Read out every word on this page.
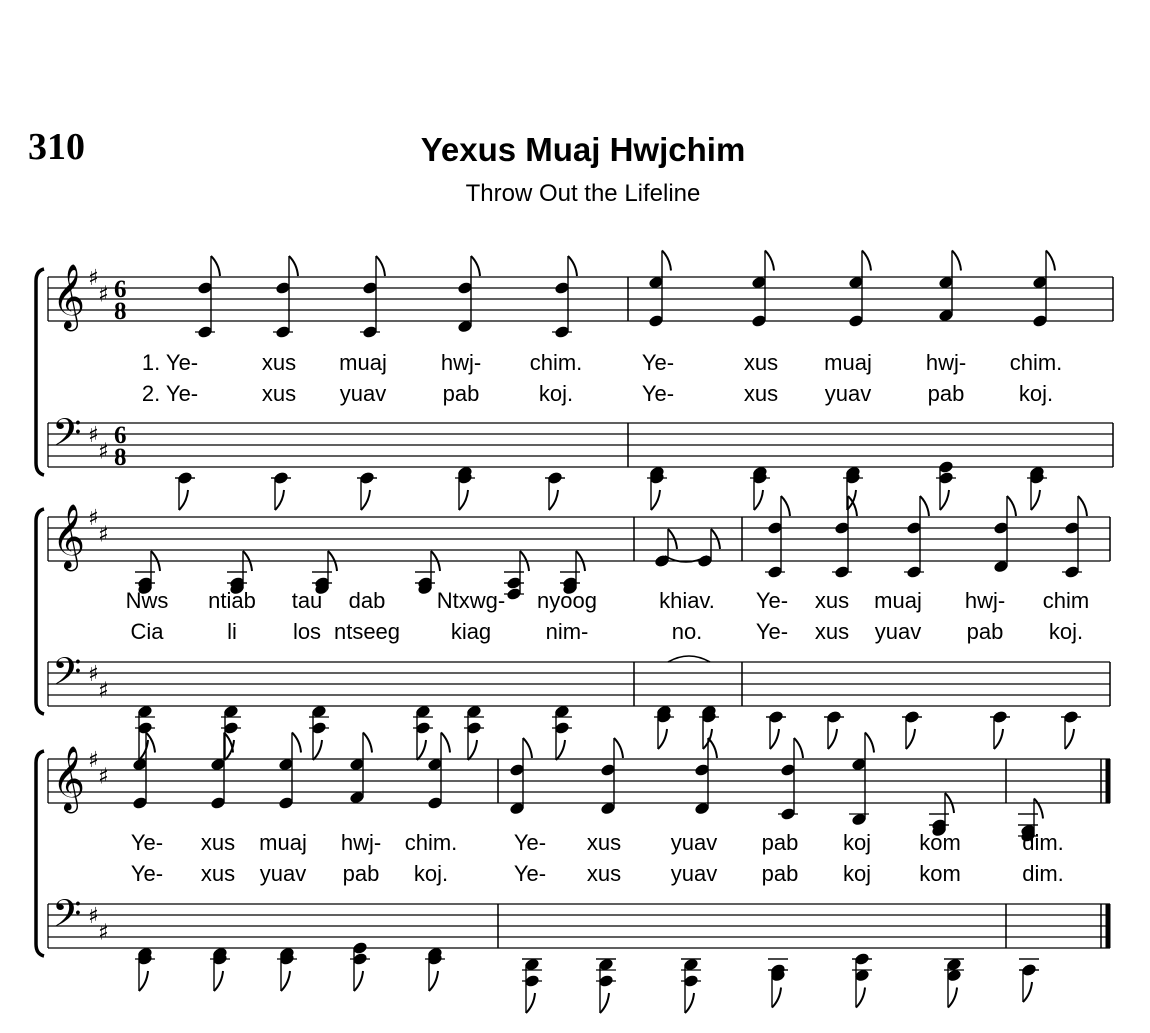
310	Yexus Muaj Hwjchim
Throw Out the Lifeline
𝄞
𝄢
♯
♯
♯
♯
6
8
6
8
1. Ye-	xus muaj hwj- chim.	Ye-	xus muaj hwj- chim.
2. Ye-	xus yuav	pab	koj.	Ye-	xus yuav	pab koj.
𝄞
𝄢
♯
♯
♯
♯
Nws ntiab tau dab Ntxwg- nyoog	khiav. Ye- xus muaj hwj- chim
Cia	li	los ntseeg kiag nim-	no. Ye- xus yuav pab koj.
𝄞
𝄢
♯
♯
♯
♯
Ye- xus muaj hwj- chim.	Ye- xus yuav pab koj kom	dim.
Ye- xus yuav pab koj.	Ye- xus yuav pab koj kom	dim.
